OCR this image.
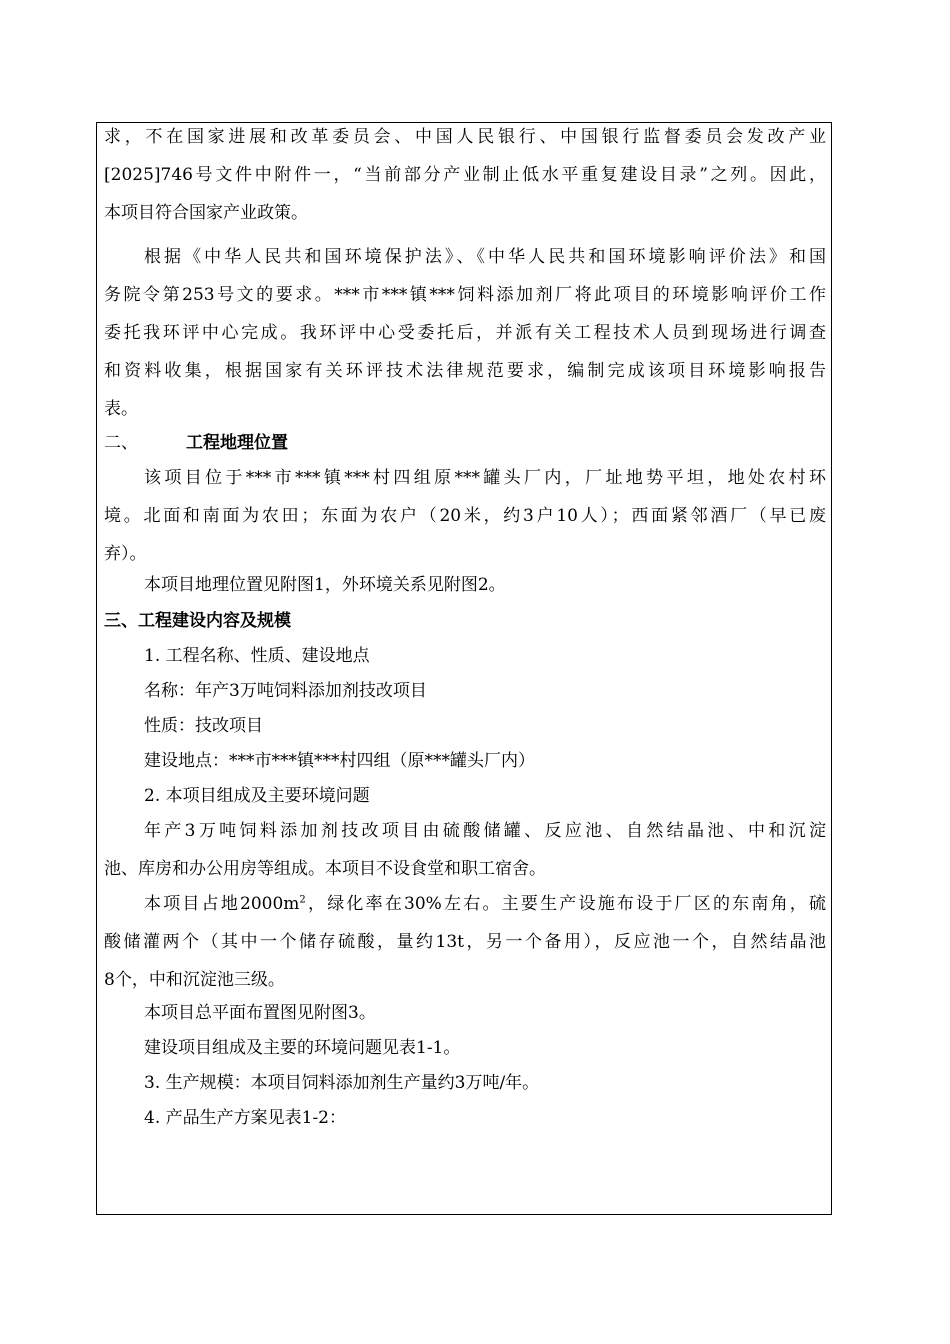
求，不在国家进展和改革委员会、中国人民银行、中国银行监督委员会发改产业
[2025]746号文件中附件一，“当前部分产业制止低水平重复建设目录”之列。因此，
本项目符合国家产业政策。
根据《中华人民共和国环境保护法》、《中华人民共和国环境影响评价法》和国
务院令第253号文的要求。***市***镇***饲料添加剂厂将此项目的环境影响评价工作
委托我环评中心完成。我环评中心受委托后，并派有关工程技术人员到现场进行调查
和资料收集，根据国家有关环评技术法律规范要求，编制完成该项目环境影响报告
表。
二、	工程地理位置
该项目位于***市***镇***村四组原***罐头厂内，厂址地势平坦，地处农村环
境。北面和南面为农田；东面为农户（20米，约3户10人）；西面紧邻酒厂（早已废
弃）。
本项目地理位置见附图1，外环境关系见附图2。
三、工程建设内容及规模
1. 工程名称、性质、建设地点
名称：年产3万吨饲料添加剂技改项目
性质：技改项目
建设地点：***市***镇***村四组（原***罐头厂内）
2. 本项目组成及主要环境问题
年产3万吨饲料添加剂技改项目由硫酸储罐、反应池、自然结晶池、中和沉淀
池、库房和办公用房等组成。本项目不设食堂和职工宿舍。
本项目占地$2000m^2$，绿化率在30%左右。主要生产设施布设于厂区的东南角，硫
酸储灌两个（其中一个储存硫酸，量约13t，另一个备用），反应池一个，自然结晶池
8个，中和沉淀池三级。
本项目总平面布置图见附图3。
建设项目组成及主要的环境问题见表1-1。
3. 生产规模：本项目饲料添加剂生产量约3万吨/年。
4. 产品生产方案见表1-2：
